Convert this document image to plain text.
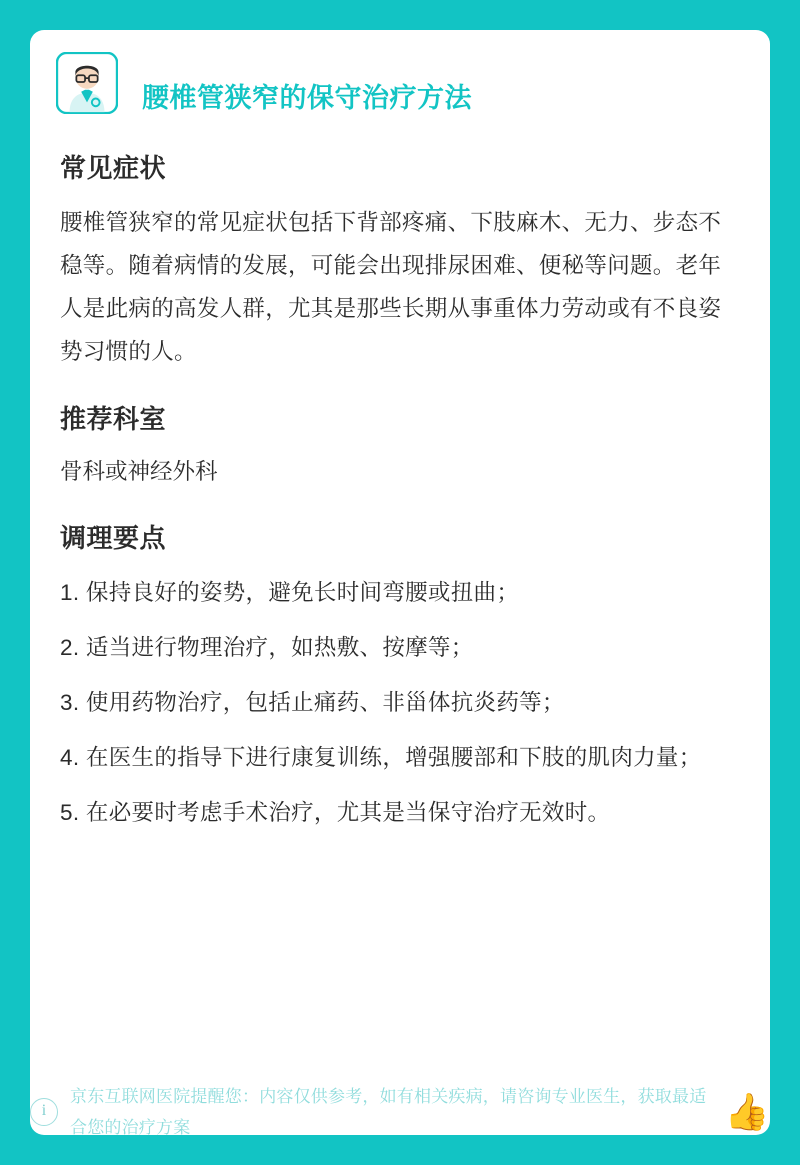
腰椎管狭窄的保守治疗方法
常见症状

腰椎管狭窄的常见症状包括下背部疼痛、下肢麻木、无力、步态不稳等。随着病情的发展，可能会出现排尿困难、便秘等问题。老年人是此病的高发人群，尤其是那些长期从事重体力劳动或有不良姿势习惯的人。

推荐科室

骨科或神经外科

调理要点
1. 保持良好的姿势，避免长时间弯腰或扭曲；
2. 适当进行物理治疗，如热敷、按摩等；
3. 使用药物治疗，包括止痛药、非甾体抗炎药等；
4. 在医生的指导下进行康复训练，增强腰部和下肢的肌肉力量；
5. 在必要时考虑手术治疗，尤其是当保守治疗无效时。
i
京东互联网医院提醒您：内容仅供参考，如有相关疾病，请咨询专业医生，获取最适合您的治疗方案	👍
